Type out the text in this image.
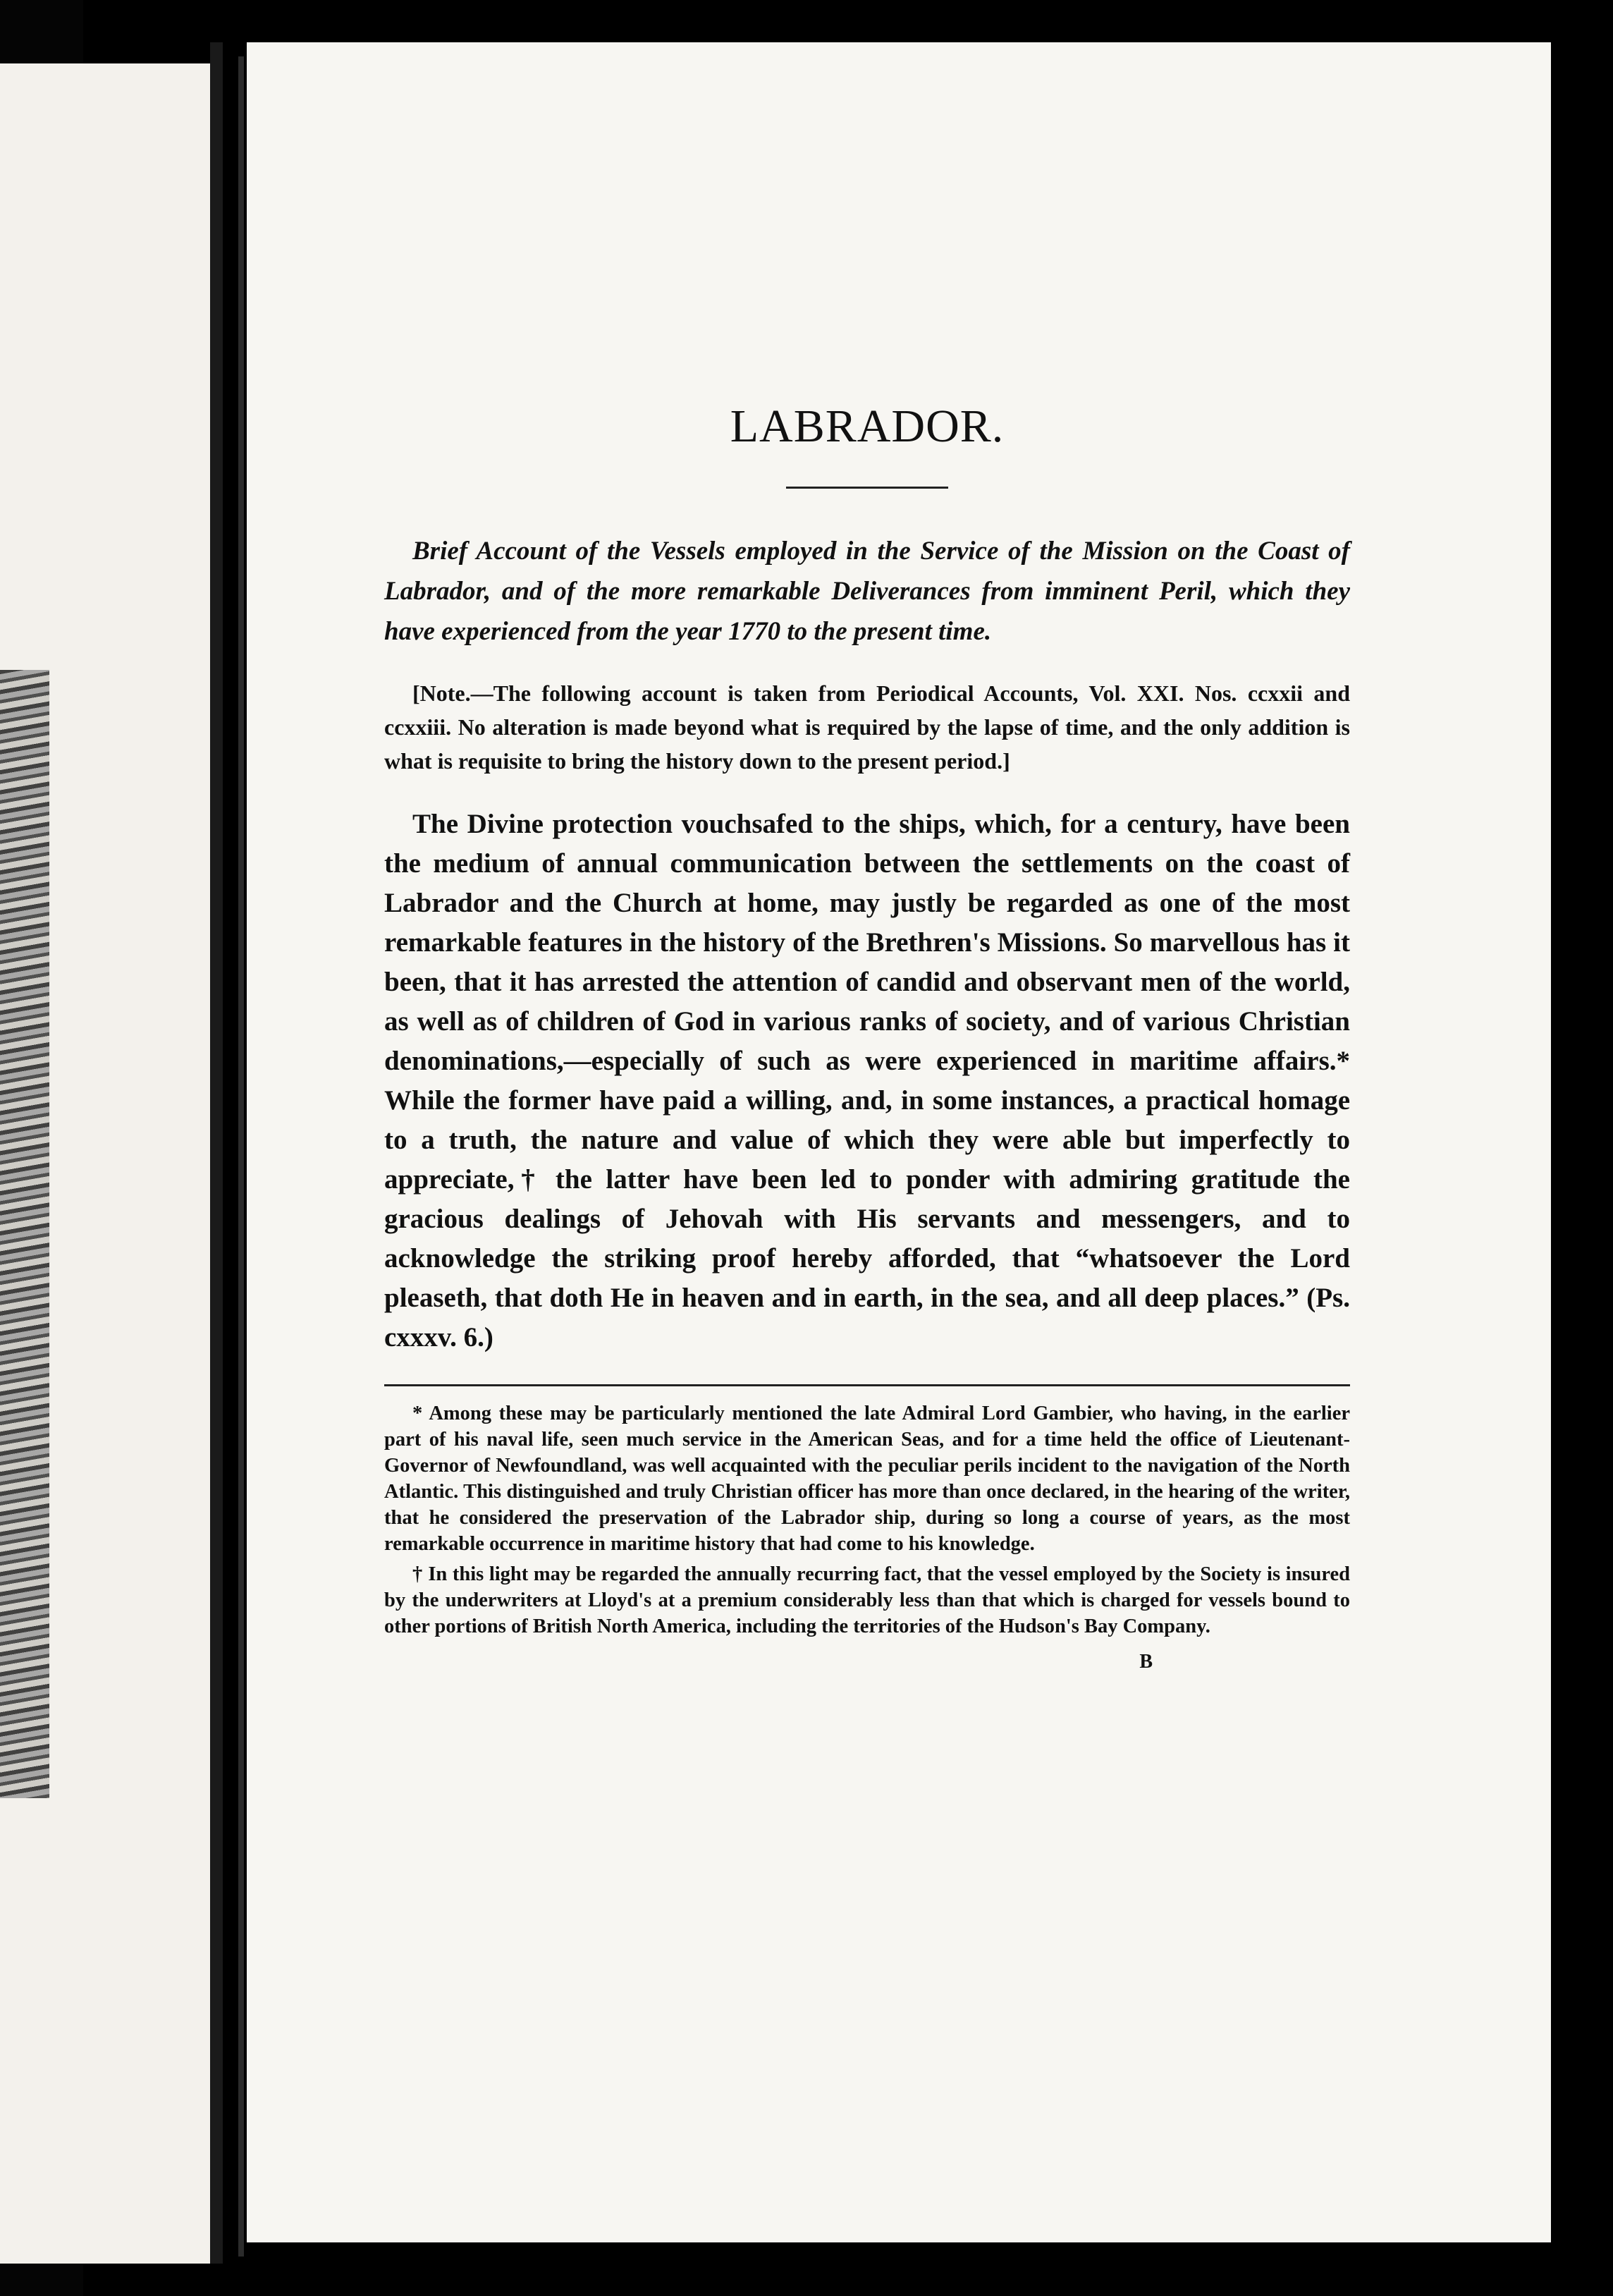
LABRADOR.

Brief Account of the Vessels employed in the Service of the Mission on the Coast of Labrador, and of the more remarkable Deliverances from imminent Peril, which they have experienced from the year 1770 to the present time.

[Note.—The following account is taken from Periodical Accounts, Vol. XXI. Nos. ccxxii and ccxxiii. No alteration is made beyond what is required by the lapse of time, and the only addition is what is requisite to bring the history down to the present period.]

The Divine protection vouchsafed to the ships, which, for a century, have been the medium of annual communication between the settlements on the coast of Labrador and the Church at home, may justly be regarded as one of the most remarkable features in the history of the Brethren's Missions. So marvellous has it been, that it has arrested the attention of candid and observant men of the world, as well as of children of God in various ranks of society, and of various Christian denominations,—especially of such as were experienced in maritime affairs.* While the former have paid a willing, and, in some instances, a practical homage to a truth, the nature and value of which they were able but imperfectly to appreciate,† the latter have been led to ponder with admiring gratitude the gracious dealings of Jehovah with His servants and messengers, and to acknowledge the striking proof hereby afforded, that “whatsoever the Lord pleaseth, that doth He in heaven and in earth, in the sea, and all deep places.” (Ps. cxxxv. 6.)

* Among these may be particularly mentioned the late Admiral Lord Gambier, who having, in the earlier part of his naval life, seen much service in the American Seas, and for a time held the office of Lieutenant-Governor of Newfoundland, was well acquainted with the peculiar perils incident to the navigation of the North Atlantic. This distinguished and truly Christian officer has more than once declared, in the hearing of the writer, that he considered the preservation of the Labrador ship, during so long a course of years, as the most remarkable occurrence in maritime history that had come to his knowledge.

† In this light may be regarded the annually recurring fact, that the vessel employed by the Society is insured by the underwriters at Lloyd's at a premium considerably less than that which is charged for vessels bound to other portions of British North America, including the territories of the Hudson's Bay Company.

B
